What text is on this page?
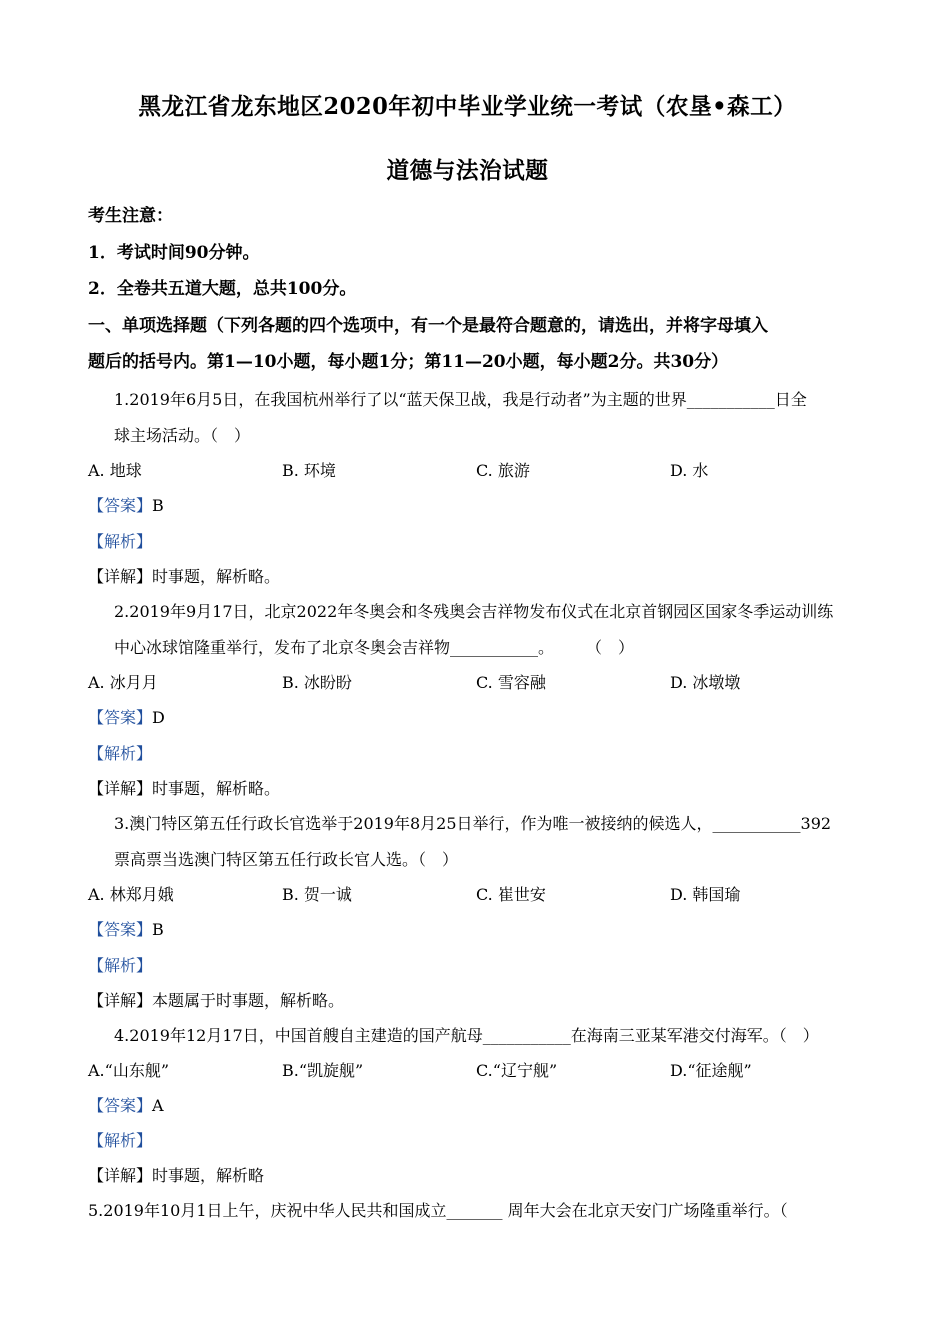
黑龙江省龙东地区2020年初中毕业学业统一考试（农垦•森工）
道德与法治试题
考生注意：
1．考试时间90分钟。
2．全卷共五道大题，总共100分。
一、单项选择题（下列各题的四个选项中，有一个是最符合题意的，请选出，并将字母填入
题后的括号内。第1—10小题，每小题1分；第11—20小题，每小题2分。共30分）
1.2019年6月5日，在我国杭州举行了以“蓝天保卫战，我是行动者”为主题的世界___________日全
球主场活动。（　）
A. 地球	B. 环境	C. 旅游	D. 水
【答案】B
【解析】
【详解】时事题，解析略。
2.2019年9月17日，北京2022年冬奥会和冬残奥会吉祥物发布仪式在北京首钢园区国家冬季运动训练
中心冰球馆隆重举行，发布了北京冬奥会吉祥物___________。　　　（　）
A. 冰月月	B. 冰盼盼	C. 雪容融	D. 冰墩墩
【答案】D
【解析】
【详解】时事题，解析略。
3.澳门特区第五任行政长官选举于2019年8月25日举行，作为唯一被接纳的候选人，___________392
票高票当选澳门特区第五任行政长官人选。（　）
A. 林郑月娥	B. 贺一诚	C. 崔世安	D. 韩国瑜
【答案】B
【解析】
【详解】本题属于时事题，解析略。
4.2019年12月17日，中国首艘自主建造的国产航母___________在海南三亚某军港交付海军。（　）
A.“山东舰”	B.“凯旋舰”	C.“辽宁舰”	D.“征途舰”
【答案】A
【解析】
【详解】时事题，解析略
5.2019年10月1日上午，庆祝中华人民共和国成立_______ 周年大会在北京天安门广场隆重举行。（
